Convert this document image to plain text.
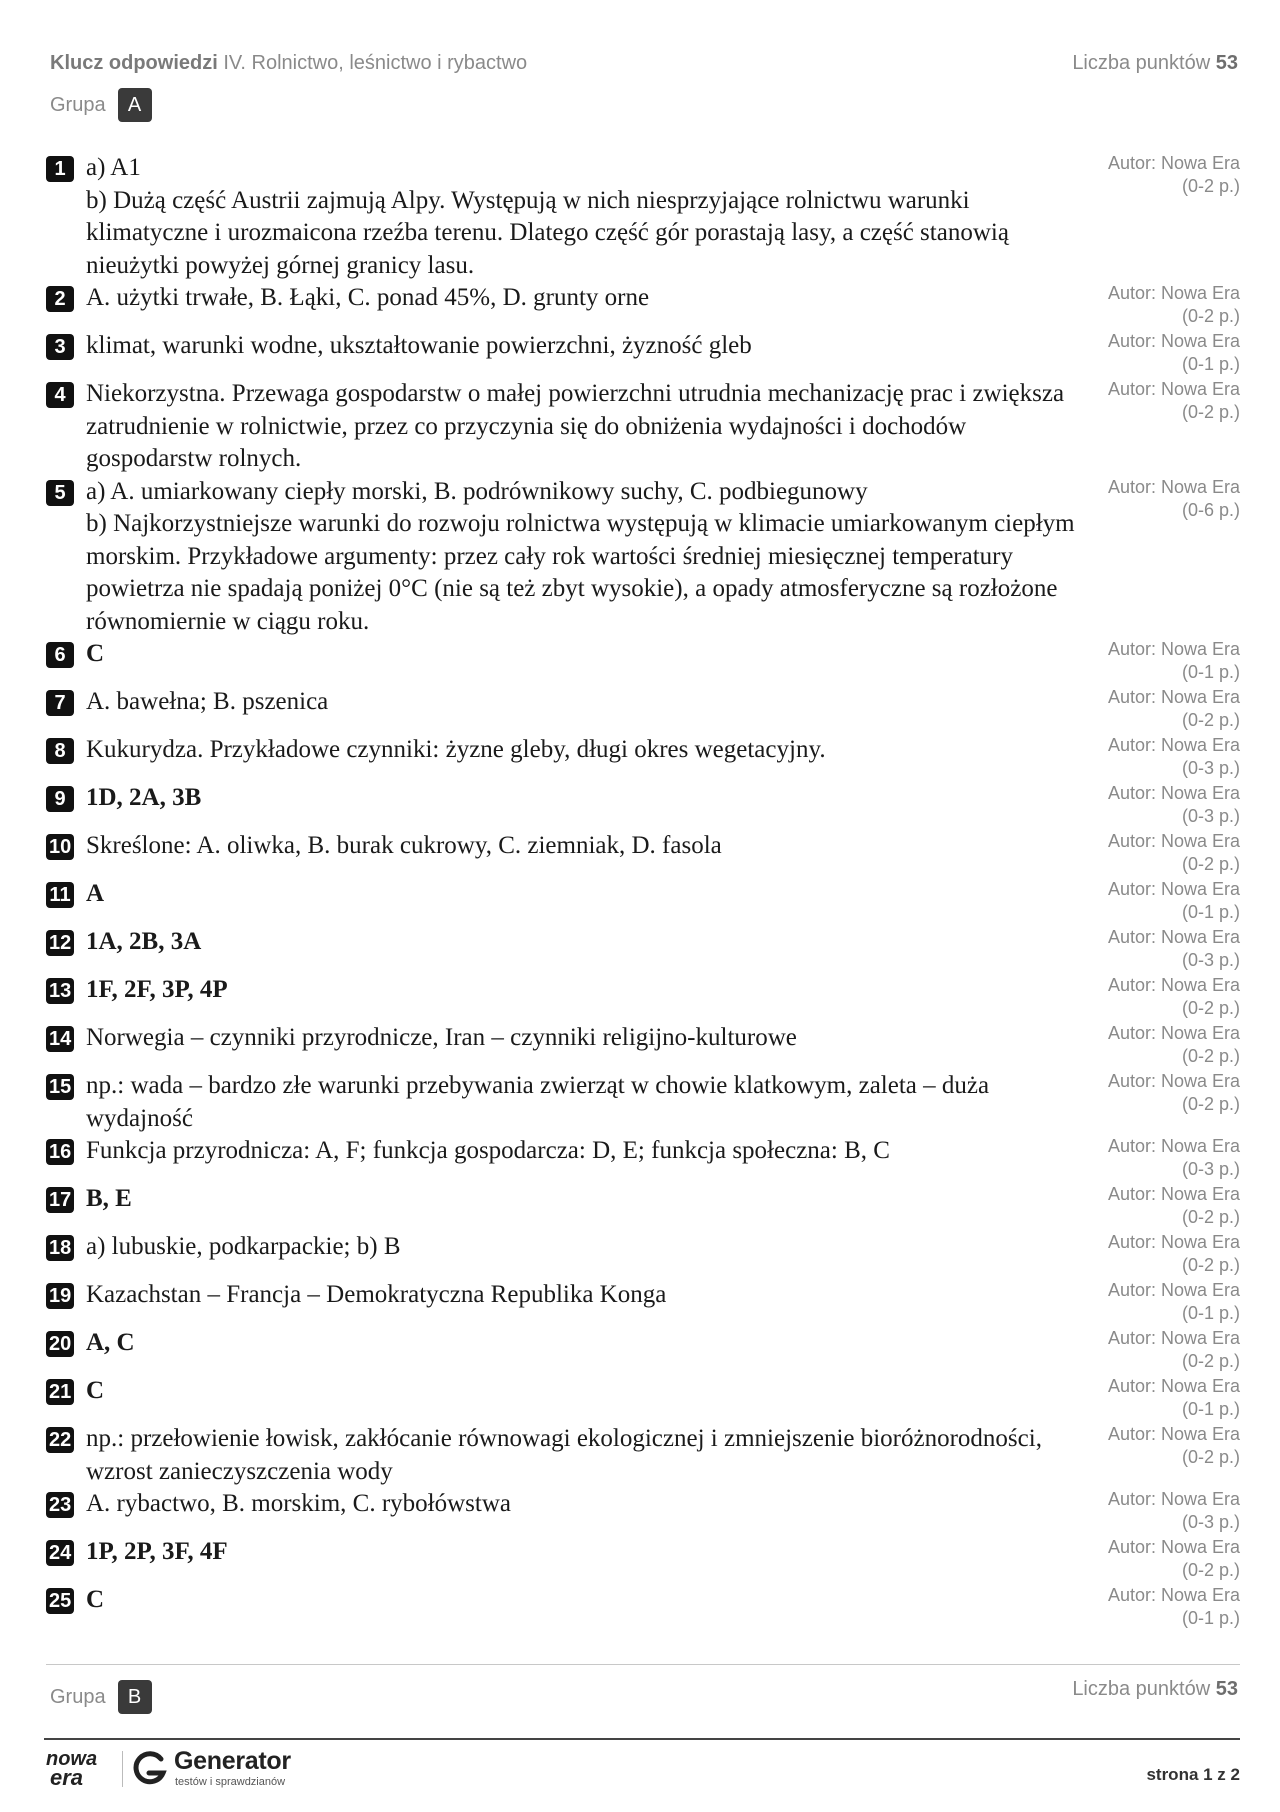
Klucz odpowiedzi IV. Rolnictwo, leśnictwo i rybactwo	Liczba punktów 53
Grupa	A
1 a) A1
b) Dużą część Austrii zajmują Alpy. Występują w nich niesprzyjające rolnictwu warunki klimatyczne i urozmaicona rzeźba terenu. Dlatego część gór porastają lasy, a część stanowią nieużytki powyżej górnej granicy lasu.
Autor: Nowa Era
(0-2 p.)
2 A. użytki trwałe, B. Łąki, C. ponad 45%, D. grunty orne	Autor: Nowa Era
(0-2 p.)
3 klimat, warunki wodne, ukształtowanie powierzchni, żyzność gleb	Autor: Nowa Era
(0-1 p.)
4 Niekorzystna. Przewaga gospodarstw o małej powierzchni utrudnia mechanizację prac i zwiększa zatrudnienie w rolnictwie, przez co przyczynia się do obniżenia wydajności i dochodów gospodarstw rolnych.
Autor: Nowa Era
(0-2 p.)
5 a) A. umiarkowany ciepły morski, B. podrównikowy suchy, C. podbiegunowy
b) Najkorzystniejsze warunki do rozwoju rolnictwa występują w klimacie umiarkowanym ciepłym morskim. Przykładowe argumenty: przez cały rok wartości średniej miesięcznej temperatury powietrza nie spadają poniżej 0°C (nie są też zbyt wysokie), a opady atmosferyczne są rozłożone równomiernie w ciągu roku.
Autor: Nowa Era
(0-6 p.)
6 C	Autor: Nowa Era
(0-1 p.)
7 A. bawełna; B. pszenica	Autor: Nowa Era
(0-2 p.)
8 Kukurydza. Przykładowe czynniki: żyzne gleby, długi okres wegetacyjny.	Autor: Nowa Era
(0-3 p.)
9 1D, 2A, 3B	Autor: Nowa Era
(0-3 p.)
10 Skreślone: A. oliwka, B. burak cukrowy, C. ziemniak, D. fasola	Autor: Nowa Era
(0-2 p.)
11 A	Autor: Nowa Era
(0-1 p.)
12 1A, 2B, 3A	Autor: Nowa Era
(0-3 p.)
13 1F, 2F, 3P, 4P	Autor: Nowa Era
(0-2 p.)
14 Norwegia – czynniki przyrodnicze, Iran – czynniki religijno-kulturowe	Autor: Nowa Era
(0-2 p.)
15 np.: wada – bardzo złe warunki przebywania zwierząt w chowie klatkowym, zaleta – duża wydajność
Autor: Nowa Era
(0-2 p.)
16 Funkcja przyrodnicza: A, F; funkcja gospodarcza: D, E; funkcja społeczna: B, C	Autor: Nowa Era
(0-3 p.)
17 B, E	Autor: Nowa Era
(0-2 p.)
18 a) lubuskie, podkarpackie; b) B	Autor: Nowa Era
(0-2 p.)
19 Kazachstan – Francja – Demokratyczna Republika Konga	Autor: Nowa Era
(0-1 p.)
20 A, C	Autor: Nowa Era
(0-2 p.)
21 C	Autor: Nowa Era
(0-1 p.)
22 np.: przełowienie łowisk, zakłócanie równowagi ekologicznej i zmniejszenie bioróżnorodności, wzrost zanieczyszczenia wody
Autor: Nowa Era
(0-2 p.)
23 A. rybactwo, B. morskim, C. rybołówstwa	Autor: Nowa Era
(0-3 p.)
24 1P, 2P, 3F, 4F	Autor: Nowa Era
(0-2 p.)
25 C	Autor: Nowa Era
(0-1 p.)
Grupa	B	Liczba punktów 53
nowa
era
Generator
testów i sprawdzianów	strona 1 z 2
